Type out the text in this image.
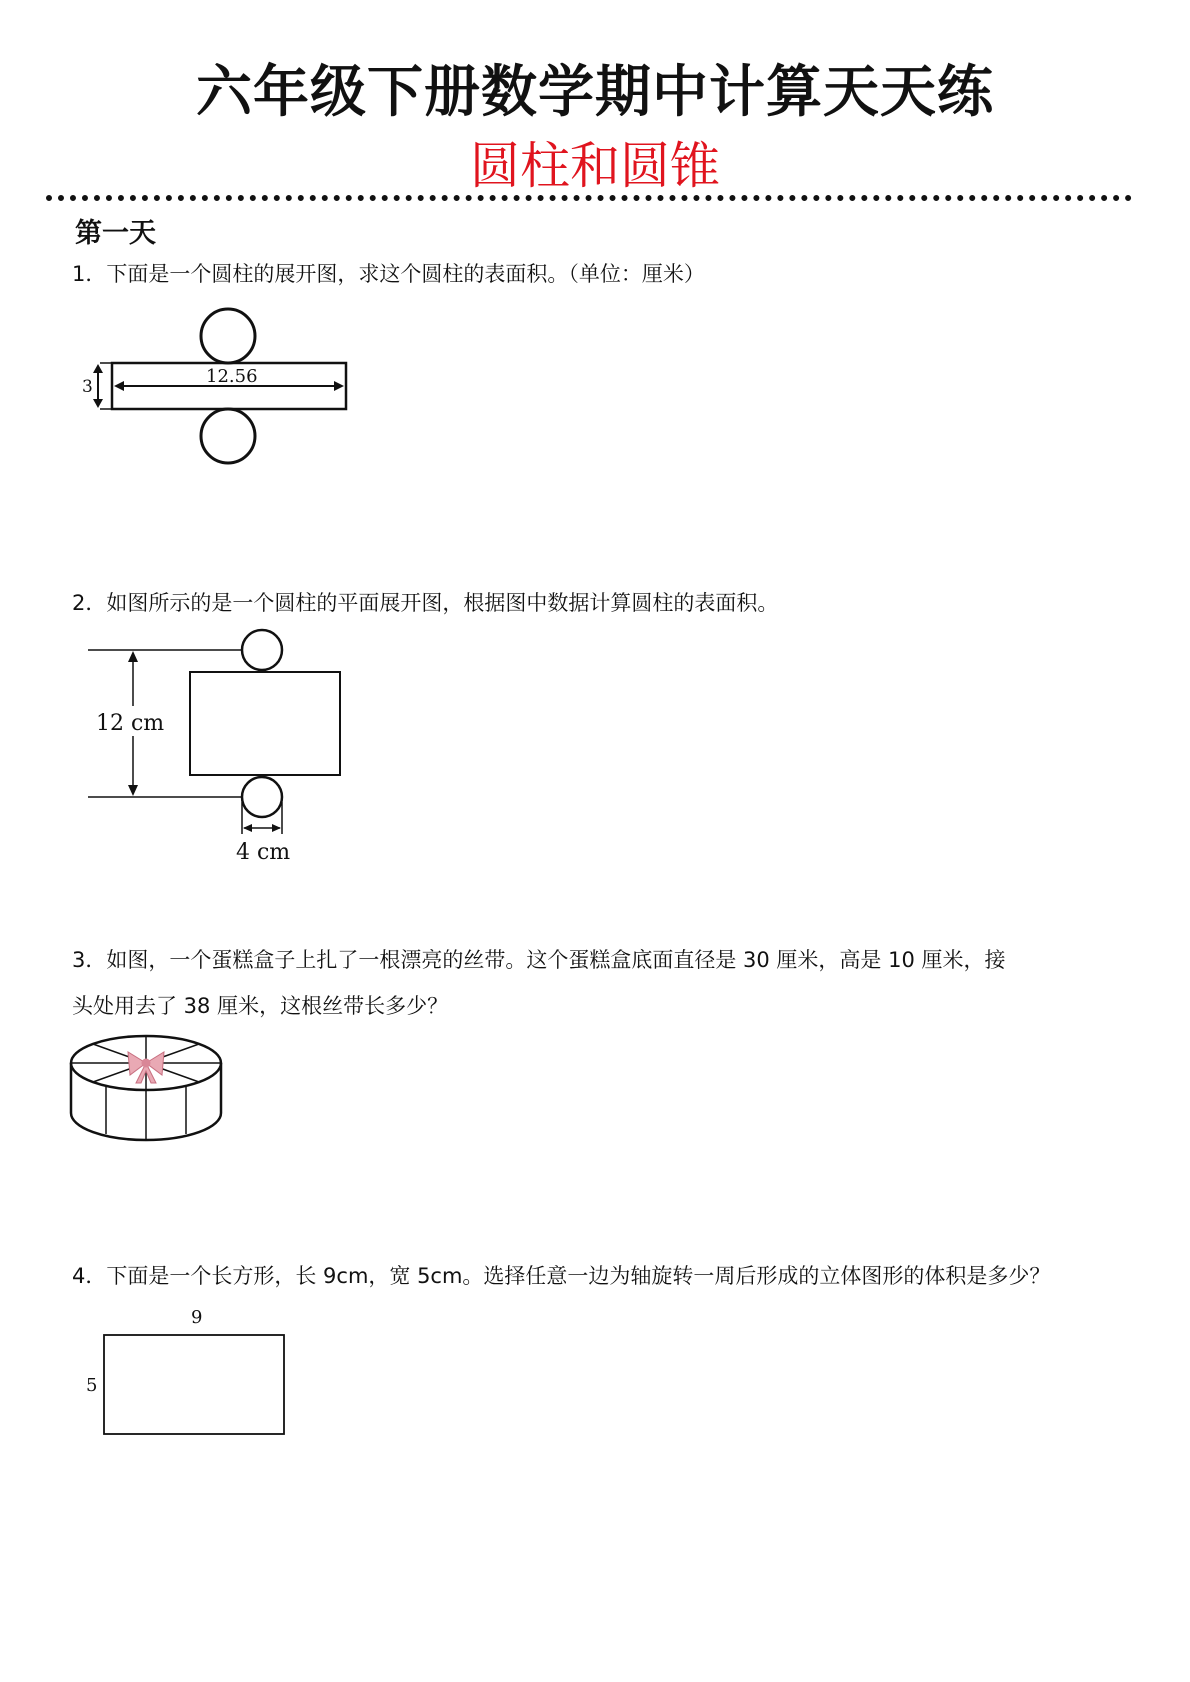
六年级下册数学期中计算天天练
圆柱和圆锥
第一天
1．下面是一个圆柱的展开图，求这个圆柱的表面积。（单位：厘米）
3	12.56
2．如图所示的是一个圆柱的平面展开图，根据图中数据计算圆柱的表面积。
12 cm
4 cm
3．如图，一个蛋糕盒子上扎了一根漂亮的丝带。这个蛋糕盒底面直径是 30 厘米，高是 10 厘米，接
头处用去了 38 厘米，这根丝带长多少？
4．下面是一个长方形，长 9cm，宽 5cm。选择任意一边为轴旋转一周后形成的立体图形的体积是多少？
9
5
